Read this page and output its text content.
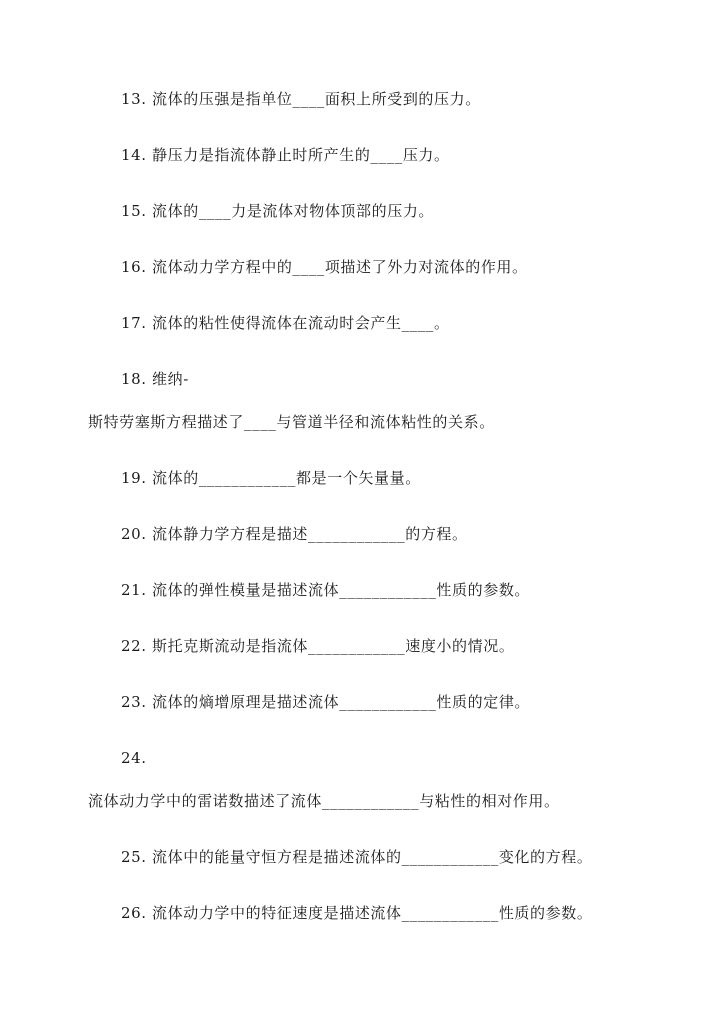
13. 流体的压强是指单位____面积上所受到的压力。
14. 静压力是指流体静止时所产生的____压力。
15. 流体的____力是流体对物体顶部的压力。
16. 流体动力学方程中的____项描述了外力对流体的作用。
17. 流体的粘性使得流体在流动时会产生____。
18. 维纳-
斯特劳塞斯方程描述了____与管道半径和流体粘性的关系。
19. 流体的____________都是一个矢量量。
20. 流体静力学方程是描述____________的方程。
21. 流体的弹性模量是描述流体____________性质的参数。
22. 斯托克斯流动是指流体____________速度小的情况。
23. 流体的熵增原理是描述流体____________性质的定律。
24.
流体动力学中的雷诺数描述了流体____________与粘性的相对作用。
25. 流体中的能量守恒方程是描述流体的____________变化的方程。
26. 流体动力学中的特征速度是描述流体____________性质的参数。
